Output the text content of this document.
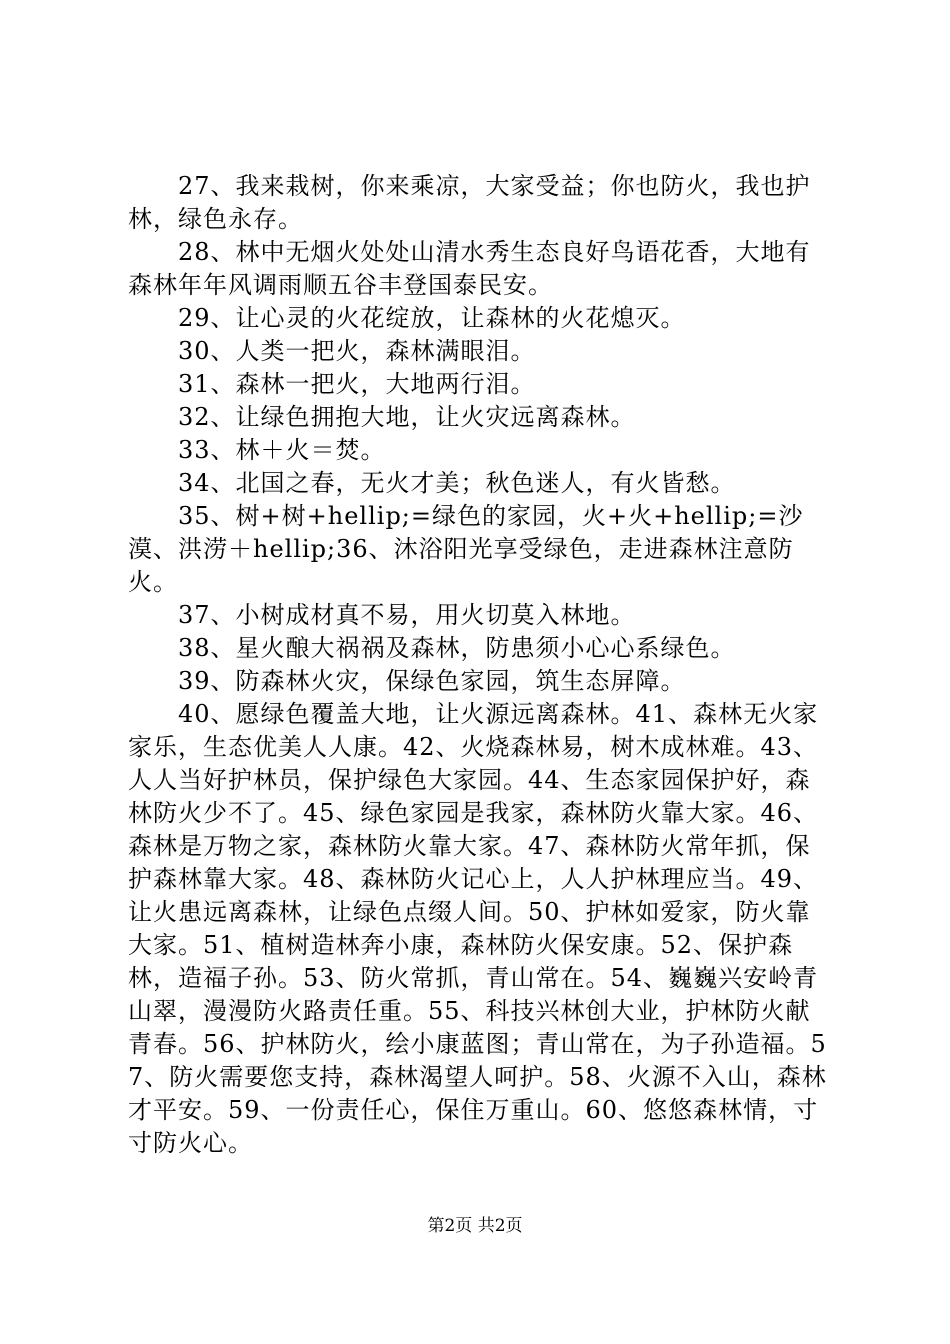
27、我来栽树，你来乘凉，大家受益；你也防火，我也护林，绿色永存。

28、林中无烟火处处山清水秀生态良好鸟语花香，大地有森林年年风调雨顺五谷丰登国泰民安。

29、让心灵的火花绽放，让森林的火花熄灭。

30、人类一把火，森林满眼泪。

31、森林一把火，大地两行泪。

32、让绿色拥抱大地，让火灾远离森林。

33、林＋火＝焚。

34、北国之春，无火才美；秋色迷人，有火皆愁。

35、树+树+hellip;=绿色的家园，火+火+hellip;=沙漠、洪涝＋hellip;36、沐浴阳光享受绿色，走进森林注意防火。

37、小树成材真不易，用火切莫入林地。

38、星火酿大祸祸及森林，防患须小心心系绿色。

39、防森林火灾，保绿色家园，筑生态屏障。

40、愿绿色覆盖大地，让火源远离森林。41、森林无火家家乐，生态优美人人康。42、火烧森林易，树木成林难。43、人人当好护林员，保护绿色大家园。44、生态家园保护好，森林防火少不了。45、绿色家园是我家，森林防火靠大家。46、森林是万物之家，森林防火靠大家。47、森林防火常年抓，保护森林靠大家。48、森林防火记心上，人人护林理应当。49、让火患远离森林，让绿色点缀人间。50、护林如爱家，防火靠大家。51、植树造林奔小康，森林防火保安康。52、保护森林，造福子孙。53、防火常抓，青山常在。54、巍巍兴安岭青山翠，漫漫防火路责任重。55、科技兴林创大业，护林防火献青春。56、护林防火，绘小康蓝图；青山常在，为子孙造福。57、防火需要您支持，森林渴望人呵护。58、火源不入山，森林才平安。59、一份责任心，保住万重山。60、悠悠森林情，寸寸防火心。

第2页 共2页
